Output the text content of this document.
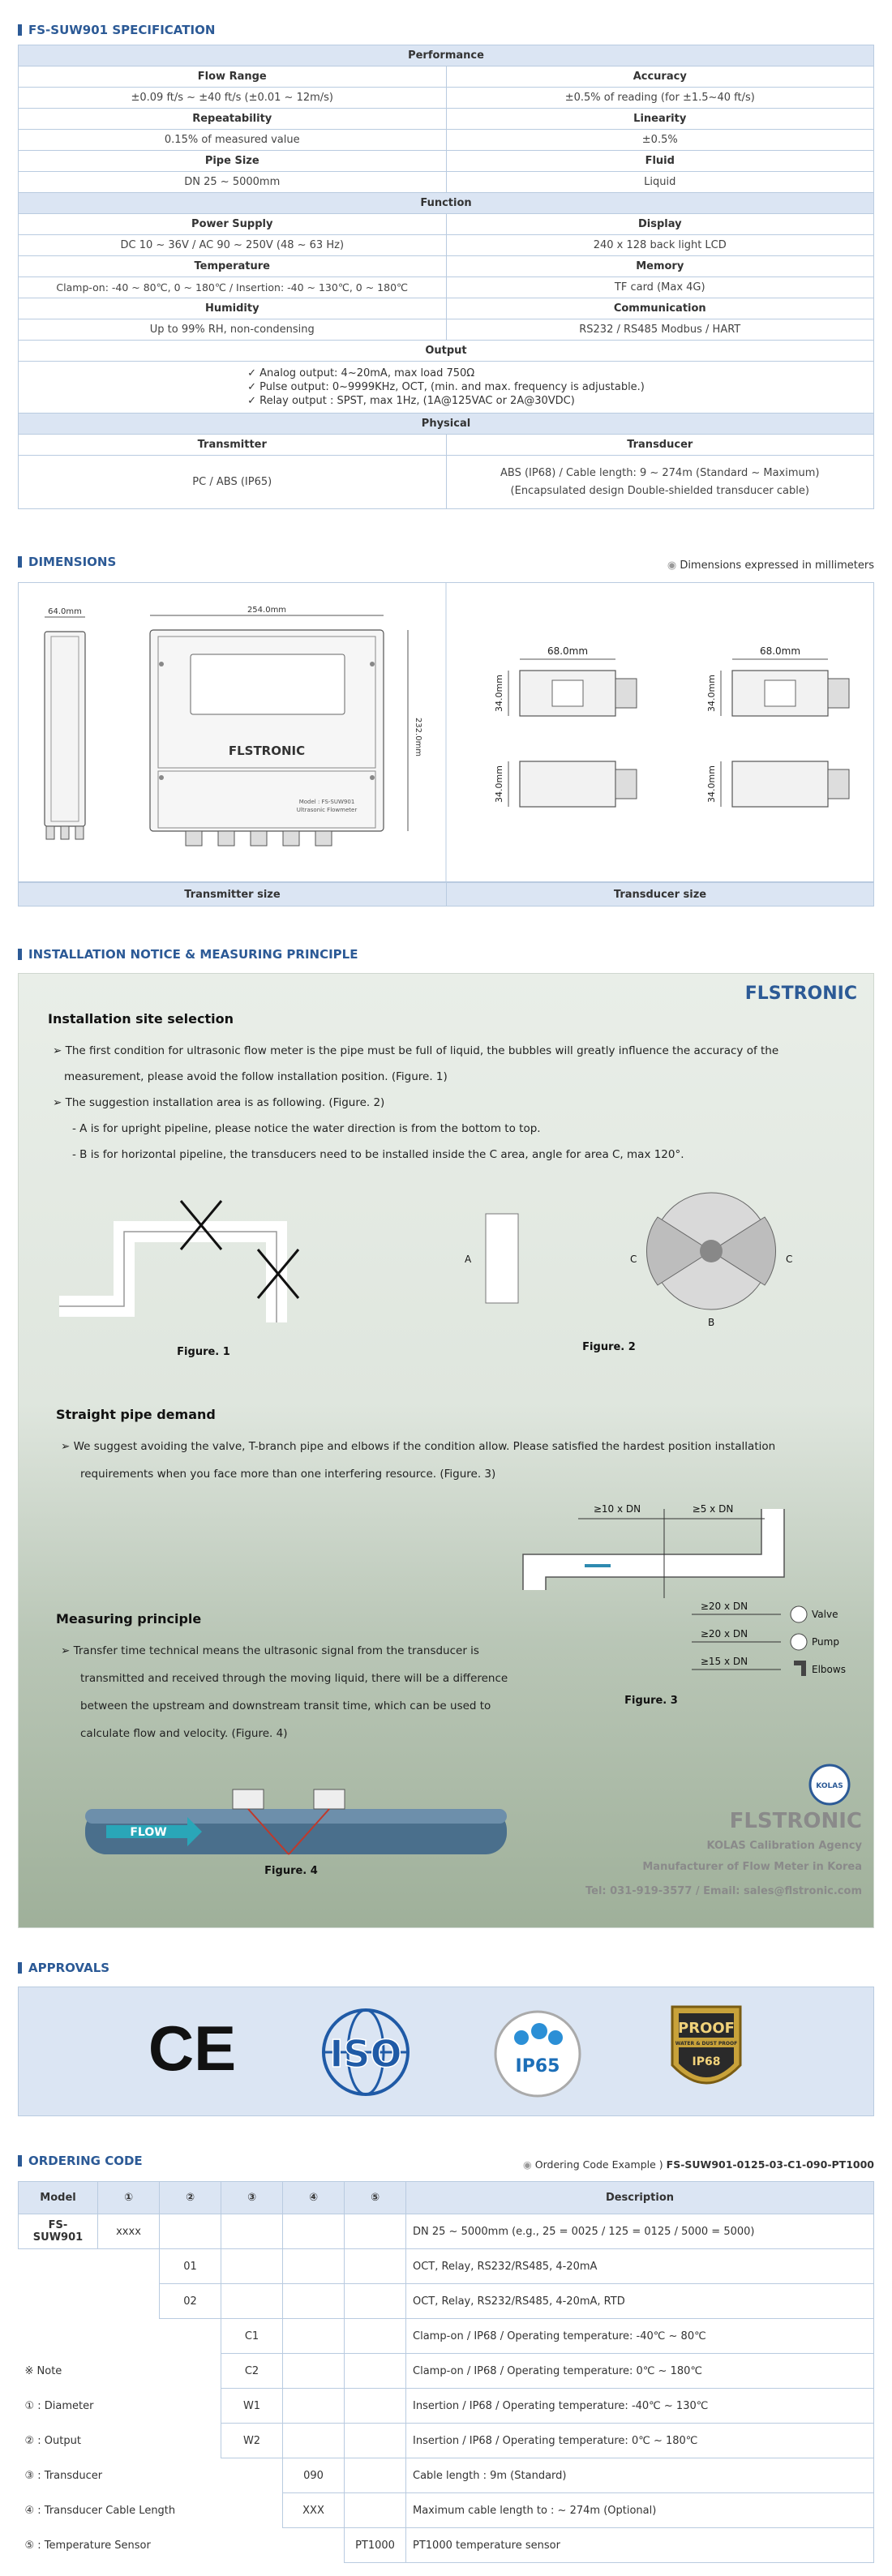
FS-SUW901 SPECIFICATION
Performance	
Flow Range	Accuracy
±0.09 ft/s ~ ±40 ft/s (±0.01 ~ 12m/s)	±0.5% of reading (for ±1.5~40 ft/s)
Repeatability	Linearity
0.15% of measured value	±0.5%
Pipe Size	Fluid
DN 25 ~ 5000mm	Liquid
Function	
Power Supply	Display
DC 10 ~ 36V / AC 90 ~ 250V (48 ~ 63 Hz)	240 x 128 back light LCD
Temperature	Memory
Clamp-on: -40 ~ 80℃, 0 ~ 180℃ / Insertion: -40 ~ 130℃, 0 ~ 180℃	TF card (Max 4G)
Humidity	Communication
Up to 99% RH, non-condensing	RS232 / RS485 Modbus / HART
Output	

✓ Analog output: 4~20mA, max load 750Ω
✓ Pulse output: 0~9999KHz, OCT, (min. and max. frequency is adjustable.)
✓ Relay output : SPST, max 1Hz, (1A@125VAC or 2A@30VDC)	

Physical	
Transmitter	Transducer
PC / ABS (IP65)	ABS (IP68) / Cable length: 9 ~ 274m (Standard ~ Maximum)
(Encapsulated design Double-shielded transducer cable)
DIMENSIONS	◉ Dimensions expressed in millimeters
64.0mm	254.0mm
232.0mm
FLSTRONIC
Model : FS-SUW901
Ultrasonic Flowmeter
68.0mm	68.0mm
34.0mm	34.0mm
34.0mm	34.0mm
Transmitter size	Transducer size
INSTALLATION NOTICE & MEASURING PRINCIPLE
FLSTRONIC
Installation site selection
➢ The first condition for ultrasonic flow meter is the pipe must be full of liquid, the bubbles will greatly influence the accuracy of the
measurement, please avoid the follow installation position. (Figure. 1)
➢ The suggestion installation area is as following. (Figure. 2)
- A is for upright pipeline, please notice the water direction is from the bottom to top.
- B is for horizontal pipeline, the transducers need to be installed inside the C area, angle for area C, max 120°.
Figure. 1
A	C	C
B
Figure. 2
≥10 x DN	≥5 x DN
≥20 x DN
≥20 x DN
≥15 x DN
Valve
Pump
Elbows
Figure. 3
FLOW
Figure. 4
KOLAS
Straight pipe demand
➢ We suggest avoiding the valve, T-branch pipe and elbows if the condition allow. Please satisfied the hardest position installation
requirements when you face more than one interfering resource. (Figure. 3)
Measuring principle
➢ Transfer time technical means the ultrasonic signal from the transducer is
transmitted and received through the moving liquid, there will be a difference
between the upstream and downstream transit time, which can be used to
calculate flow and velocity. (Figure. 4)
FLSTRONIC
KOLAS Calibration Agency
Manufacturer of Flow Meter in Korea
Tel: 031-919-3577 / Email: sales@flstronic.com
APPROVALS
CE	ISO	IP65
PROOF
WATER & DUST PROOF
IP68
ORDERING CODE	◉ Ordering Code Example ) FS-SUW901-0125-03-C1-090-PT1000
Model	①	②	③	④	⑤	Description
FS-SUW901	xxxx					DN 25 ~ 5000mm (e.g., 25 = 0025 / 125 = 0125 / 5000 = 5000)
		01				OCT, Relay, RS232/RS485, 4-20mA
		02				OCT, Relay, RS232/RS485, 4-20mA, RTD
			C1			Clamp-on / IP68 / Operating temperature: -40℃ ~ 80℃
※ Note			C2			Clamp-on / IP68 / Operating temperature: 0℃ ~ 180℃
① : Diameter			W1			Insertion / IP68 / Operating temperature: -40℃ ~ 130℃
② : Output			W2			Insertion / IP68 / Operating temperature: 0℃ ~ 180℃
③ : Transducer				090		Cable length : 9m (Standard)
④ : Transducer Cable Length				XXX		Maximum cable length to : ~ 274m (Optional)
⑤ : Temperature Sensor					PT1000	PT1000 temperature sensor
